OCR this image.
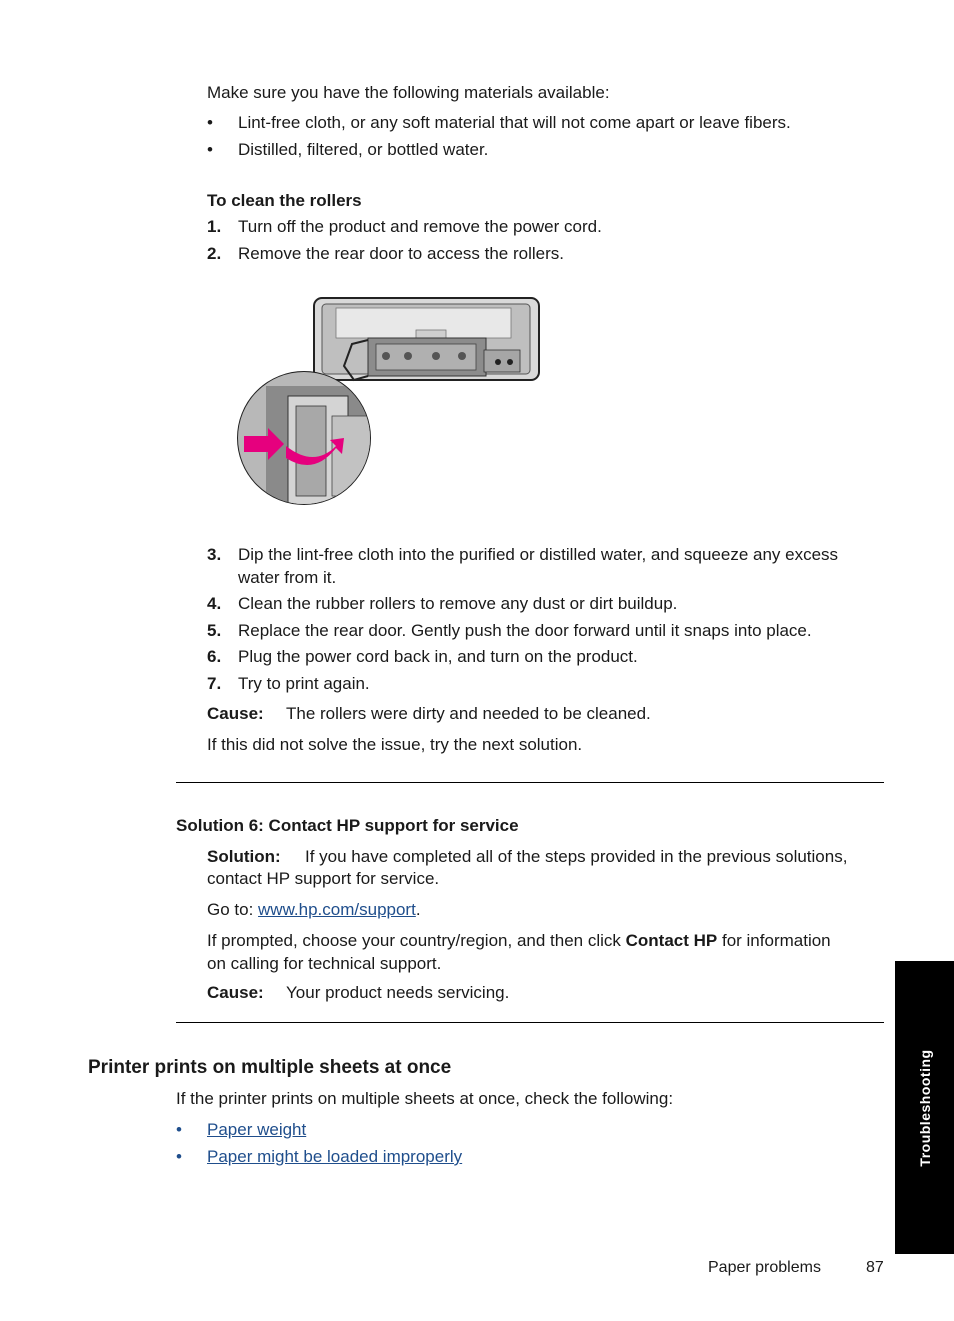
Make sure you have the following materials available:
• Lint-free cloth, or any soft material that will not come apart or leave fibers.
• Distilled, filtered, or bottled water.
To clean the rollers
1. Turn off the product and remove the power cord.
2. Remove the rear door to access the rollers.
3. Dip the lint-free cloth into the purified or distilled water, and squeeze any excess
water from it.
4. Clean the rubber rollers to remove any dust or dirt buildup.
5. Replace the rear door. Gently push the door forward until it snaps into place.
6. Plug the power cord back in, and turn on the product.
7. Try to print again.
Cause: The rollers were dirty and needed to be cleaned.
If this did not solve the issue, try the next solution.
Solution 6: Contact HP support for service
Solution: If you have completed all of the steps provided in the previous solutions,
contact HP support for service.
Go to: www.hp.com/support.
If prompted, choose your country/region, and then click Contact HP for information
on calling for technical support.
Cause: Your product needs servicing.
Printer prints on multiple sheets at once
If the printer prints on multiple sheets at once, check the following:
• Paper weight
• Paper might be loaded improperly	Troubleshooting
Paper problems	87
